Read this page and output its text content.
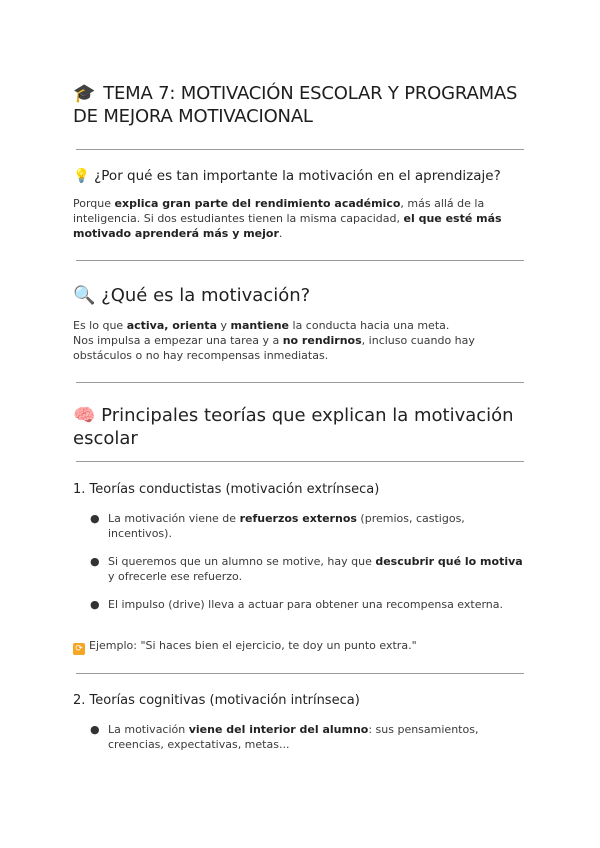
🎓 TEMA 7: MOTIVACIÓN ESCOLAR Y PROGRAMAS DE MEJORA MOTIVACIONAL
💡 ¿Por qué es tan importante la motivación en el aprendizaje?
Porque explica gran parte del rendimiento académico, más allá de la inteligencia. Si dos estudiantes tienen la misma capacidad, el que esté más motivado aprenderá más y mejor.
🔍 ¿Qué es la motivación?
Es lo que activa, orienta y mantiene la conducta hacia una meta.
Nos impulsa a empezar una tarea y a no rendirnos, incluso cuando hay obstáculos o no hay recompensas inmediatas.
🧠 Principales teorías que explican la motivación escolar
1. Teorías conductistas (motivación extrínseca)
● La motivación viene de refuerzos externos (premios, castigos, incentivos).
● Si queremos que un alumno se motive, hay que descubrir qué lo motiva y ofrecerle ese refuerzo.
● El impulso (drive) lleva a actuar para obtener una recompensa externa.
⟳ Ejemplo: "Si haces bien el ejercicio, te doy un punto extra."
2. Teorías cognitivas (motivación intrínseca)
● La motivación viene del interior del alumno: sus pensamientos, creencias, expectativas, metas...
